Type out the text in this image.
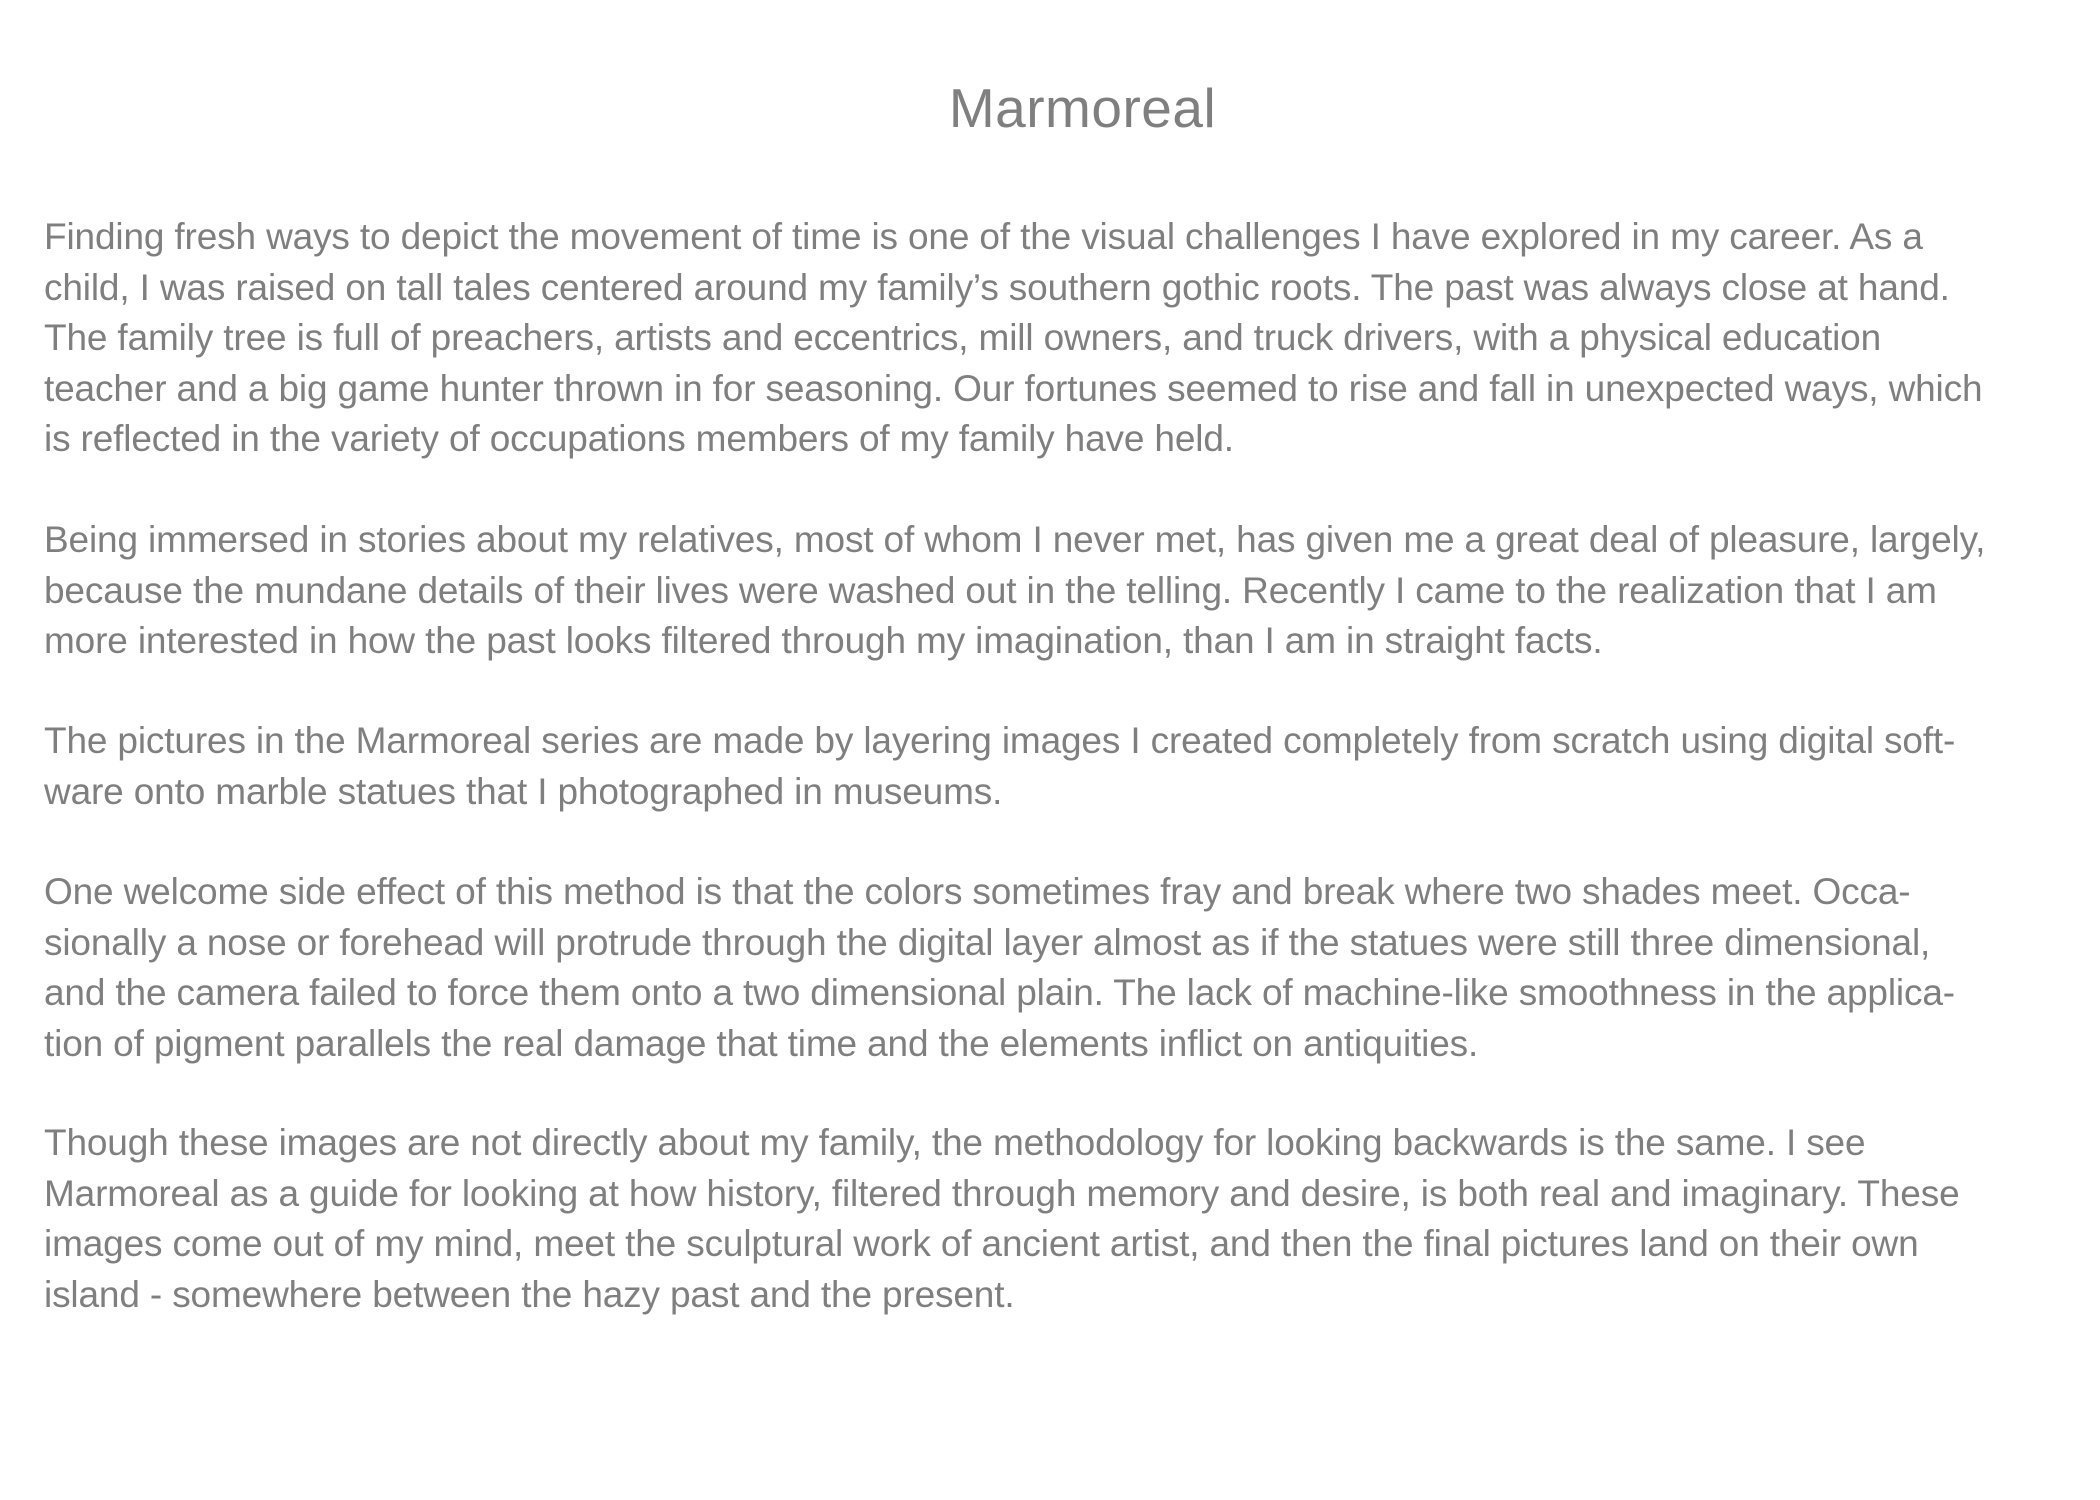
Marmoreal

Finding fresh ways to depict the movement of time is one of the visual challenges I have explored in my career. As a
child, I was raised on tall tales centered around my family’s southern gothic roots. The past was always close at hand.
The family tree is full of preachers, artists and eccentrics, mill owners, and truck drivers, with a physical education
teacher and a big game hunter thrown in for seasoning. Our fortunes seemed to rise and fall in unexpected ways, which
is reflected in the variety of occupations members of my family have held.

Being immersed in stories about my relatives, most of whom I never met, has given me a great deal of pleasure, largely,
because the mundane details of their lives were washed out in the telling. Recently I came to the realization that I am
more interested in how the past looks filtered through my imagination, than I am in straight facts.

The pictures in the Marmoreal series are made by layering images I created completely from scratch using digital soft-
ware onto marble statues that I photographed in museums.

One welcome side effect of this method is that the colors sometimes fray and break where two shades meet. Occa-
sionally a nose or forehead will protrude through the digital layer almost as if the statues were still three dimensional,
and the camera failed to force them onto a two dimensional plain. The lack of machine-like smoothness in the applica-
tion of pigment parallels the real damage that time and the elements inflict on antiquities.

Though these images are not directly about my family, the methodology for looking backwards is the same. I see
Marmoreal as a guide for looking at how history, filtered through memory and desire, is both real and imaginary. These
images come out of my mind, meet the sculptural work of ancient artist, and then the final pictures land on their own
island - somewhere between the hazy past and the present.
